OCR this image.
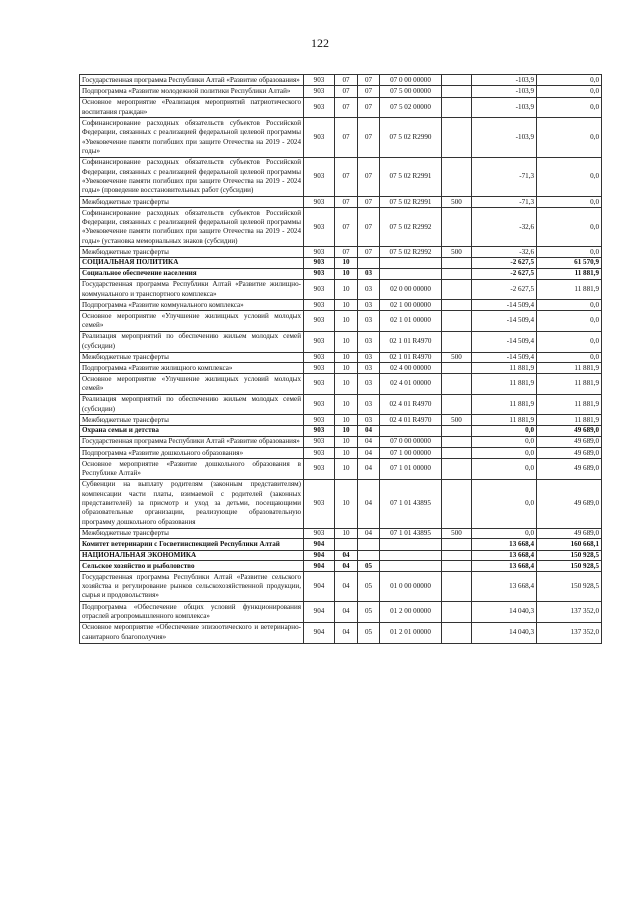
122
Государственная программа Республики Алтай «Развитие образования»	903	07	07	07 0 00 00000		-103,9	0,0
Подпрограмма «Развитие молодежной политики Республики Алтай»	903	07	07	07 5 00 00000		-103,9	0,0
Основное мероприятие «Реализация мероприятий патриотического воспитания граждан»	903	07	07	07 5 02 00000		-103,9	0,0
Софинансирование расходных обязательств субъектов Российской Федерации, связанных с реализацией федеральной целевой программы «Увековечение памяти погибших при защите Отечества на 2019 - 2024 годы»	903	07	07	07 5 02 R2990		-103,9	0,0
Софинансирование расходных обязательств субъектов Российской Федерации, связанных с реализацией федеральной целевой программы «Увековечение памяти погибших при защите Отечества на 2019 - 2024 годы» (проведение восстановительных работ (субсидии)	903	07	07	07 5 02 R2991		-71,3	0,0
Межбюджетные трансферты	903	07	07	07 5 02 R2991	500	-71,3	0,0
Софинансирование расходных обязательств субъектов Российской Федерации, связанных с реализацией федеральной целевой программы «Увековечение памяти погибших при защите Отечества на 2019 - 2024 годы» (установка мемориальных знаков (субсидии)	903	07	07	07 5 02 R2992		-32,6	0,0
Межбюджетные трансферты	903	07	07	07 5 02 R2992	500	-32,6	0,0
СОЦИАЛЬНАЯ ПОЛИТИКА	903	10				-2 627,5	61 570,9
Социальное обеспечение населения	903	10	03			-2 627,5	11 881,9
Государственная программа Республики Алтай «Развитие жилищно-коммунального и транспортного комплекса»	903	10	03	02 0 00 00000		-2 627,5	11 881,9
Подпрограмма «Развитие коммунального комплекса»	903	10	03	02 1 00 00000		-14 509,4	0,0
Основное мероприятие «Улучшение жилищных условий молодых семей»	903	10	03	02 1 01 00000		-14 509,4	0,0
Реализация мероприятий по обеспечению жильем молодых семей (субсидии)	903	10	03	02 1 01 R4970		-14 509,4	0,0
Межбюджетные трансферты	903	10	03	02 1 01 R4970	500	-14 509,4	0,0
Подпрограмма «Развитие жилищного комплекса»	903	10	03	02 4 00 00000		11 881,9	11 881,9
Основное мероприятие «Улучшение жилищных условий молодых семей»	903	10	03	02 4 01 00000		11 881,9	11 881,9
Реализация мероприятий по обеспечению жильем молодых семей (субсидии)	903	10	03	02 4 01 R4970		11 881,9	11 881,9
Межбюджетные трансферты	903	10	03	02 4 01 R4970	500	11 881,9	11 881,9
Охрана семьи и детства	903	10	04			0,0	49 689,0
Государственная программа Республики Алтай «Развитие образования»	903	10	04	07 0 00 00000		0,0	49 689,0
Подпрограмма «Развитие дошкольного образования»	903	10	04	07 1 00 00000		0,0	49 689,0
Основное мероприятие «Развитие дошкольного образования в Республике Алтай»	903	10	04	07 1 01 00000		0,0	49 689,0
Субвенции на выплату родителям (законным представителям) компенсации части платы, взимаемой с родителей (законных представителей) за присмотр и уход за детьми, посещающими образовательные организации, реализующие образовательную программу дошкольного образования	903	10	04	07 1 01 43895		0,0	49 689,0
Межбюджетные трансферты	903	10	04	07 1 01 43895	500	0,0	49 689,0
Комитет ветеринарии с Госветинспекцией Республики Алтай	904					13 668,4	160 668,1
НАЦИОНАЛЬНАЯ ЭКОНОМИКА	904	04				13 668,4	150 928,5
Сельское хозяйство и рыболовство	904	04	05			13 668,4	150 928,5
Государственная программа Республики Алтай «Развитие сельского хозяйства и регулирование рынков сельскохозяйственной продукции, сырья и продовольствия»	904	04	05	01 0 00 00000		13 668,4	150 928,5
Подпрограмма «Обеспечение общих условий функционирования отраслей агропромышленного комплекса»	904	04	05	01 2 00 00000		14 040,3	137 352,0
Основное мероприятие «Обеспечение эпизоотического и ветеринарно-санитарного благополучия»	904	04	05	01 2 01 00000		14 040,3	137 352,0
